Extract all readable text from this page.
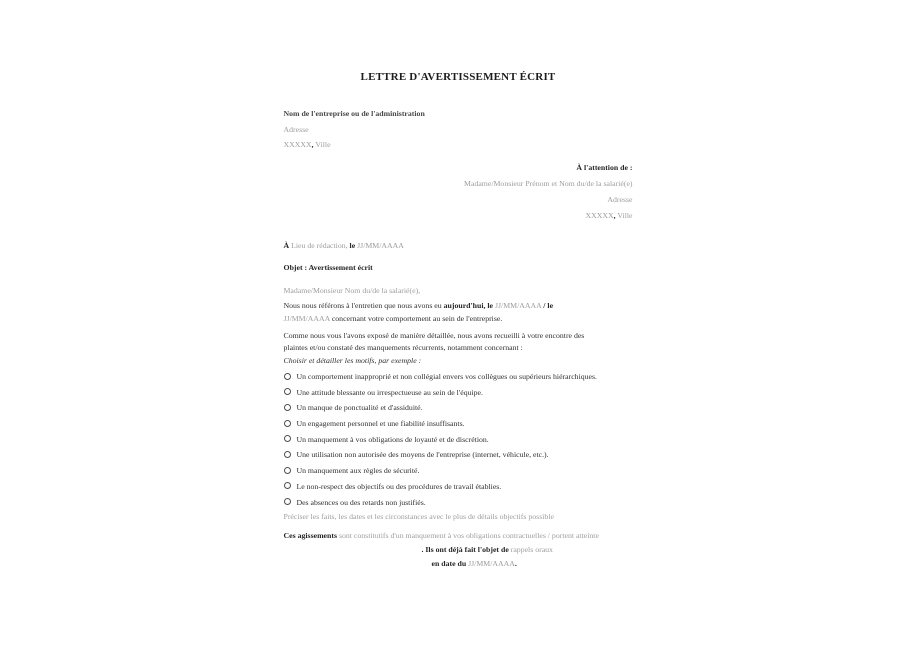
LETTRE D'AVERTISSEMENT ÉCRIT
Nom de l'entreprise ou de l'administration
Adresse
XXXXX, Ville
À l'attention de :
Madame/Monsieur Prénom et Nom du/de la salarié(e)
Adresse
XXXXX, Ville
À Lieu de rédaction, le JJ/MM/AAAA
Objet : Avertissement écrit
Madame/Monsieur Nom du/de la salarié(e),
Nous nous référons à l'entretien que nous avons eu aujourd'hui, le JJ/MM/AAAA / le
JJ/MM/AAAA concernant votre comportement au sein de l'entreprise.
Comme nous vous l'avons exposé de manière détaillée, nous avons recueilli à votre encontre des
plaintes et/ou constaté des manquements récurrents, notamment concernant :
Choisir et détailler les motifs, par exemple :
Un comportement inapproprié et non collégial envers vos collègues ou supérieurs hiérarchiques.
Une attitude blessante ou irrespectueuse au sein de l'équipe.
Un manque de ponctualité et d'assiduité.
Un engagement personnel et une fiabilité insuffisants.
Un manquement à vos obligations de loyauté et de discrétion.
Une utilisation non autorisée des moyens de l'entreprise (internet, véhicule, etc.).
Un manquement aux règles de sécurité.
Le non-respect des objectifs ou des procédures de travail établies.
Des absences ou des retards non justifiés.
Préciser les faits, les dates et les circonstances avec le plus de détails objectifs possible
Ces agissements sont constitutifs d'un manquement à vos obligations contractuelles / portent atteinte
. Ils ont déjà fait l'objet de rappels oraux
en date du JJ/MM/AAAA.
